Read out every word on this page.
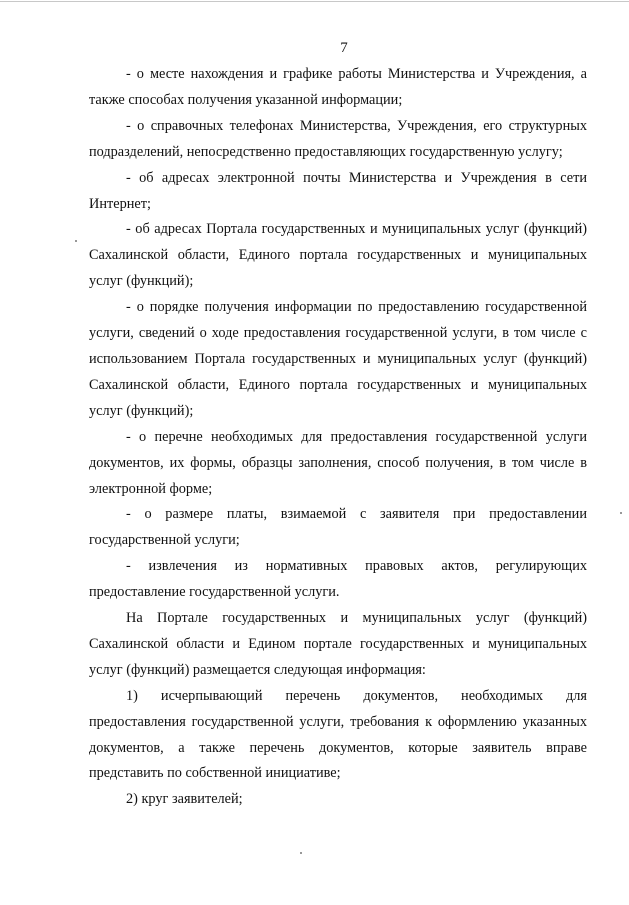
7

- о месте нахождения и графике работы Министерства и Учреждения, а также способах получения указанной информации;

- о справочных телефонах Министерства, Учреждения, его структурных подразделений, непосредственно предоставляющих государственную услугу;

- об адресах электронной почты Министерства и Учреждения в сети Интернет;

- об адресах Портала государственных и муниципальных услуг (функций) Сахалинской области, Единого портала государственных и муниципальных услуг (функций);

- о порядке получения информации по предоставлению государственной услуги, сведений о ходе предоставления государственной услуги, в том числе с использованием Портала государственных и муниципальных услуг (функций) Сахалинской области, Единого портала государственных и муниципальных услуг (функций);

- о перечне необходимых для предоставления государственной услуги документов, их формы, образцы заполнения, способ получения, в том числе в электронной форме;

- о размере платы, взимаемой с заявителя при предоставлении государственной услуги;

- извлечения из нормативных правовых актов, регулирующих предоставление государственной услуги.

На Портале государственных и муниципальных услуг (функций) Сахалинской области и Едином портале государственных и муниципальных услуг (функций) размещается следующая информация:

1) исчерпывающий перечень документов, необходимых для предоставления государственной услуги, требования к оформлению указанных документов, а также перечень документов, которые заявитель вправе представить по собственной инициативе;

2) круг заявителей;
